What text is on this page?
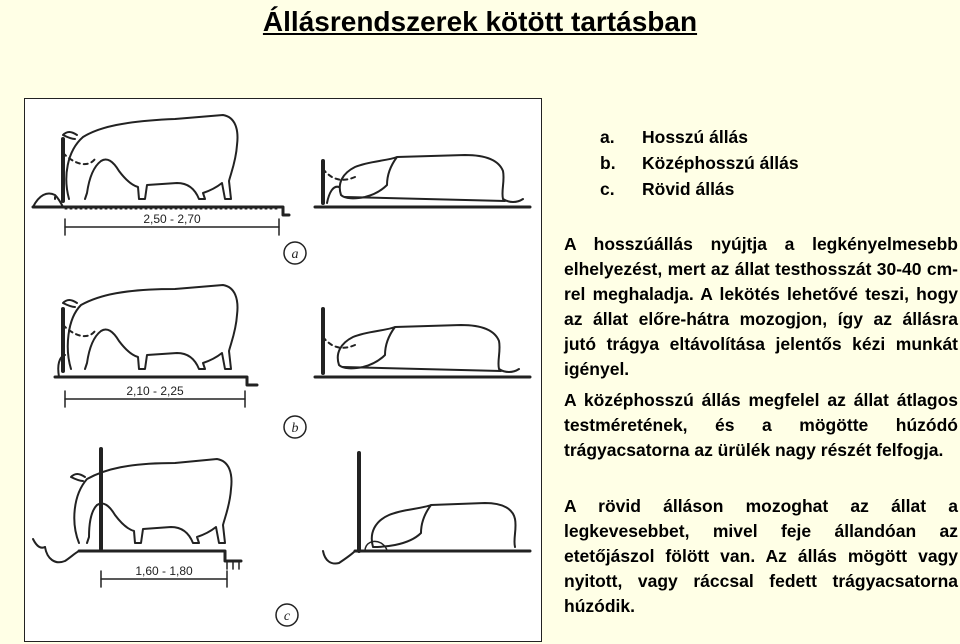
Állásrendszerek kötött tartásban
2,50 - 2,70
a
2,10 - 2,25
b
1,60 - 1,80
c
a.	Hosszú állás
b.	Középhosszú állás
c.	Rövid állás

A hosszúállás nyújtja a legkényelmesebb elhelyezést, mert az állat testhosszát 30-40 cm-rel meghaladja. A lekötés lehetővé teszi, hogy az állat előre-hátra mozogjon, így az állásra jutó trágya eltávolítása jelentős kézi munkát igényel.

A középhosszú állás megfelel az állat átlagos testméretének, és a mögötte húzódó trágyacsatorna az ürülék nagy részét felfogja.

A rövid álláson mozoghat az állat a legkevesebbet, mivel feje állandóan az etetőjászol fölött van. Az állás mögött vagy nyitott, vagy ráccsal fedett trágyacsatorna húzódik.
